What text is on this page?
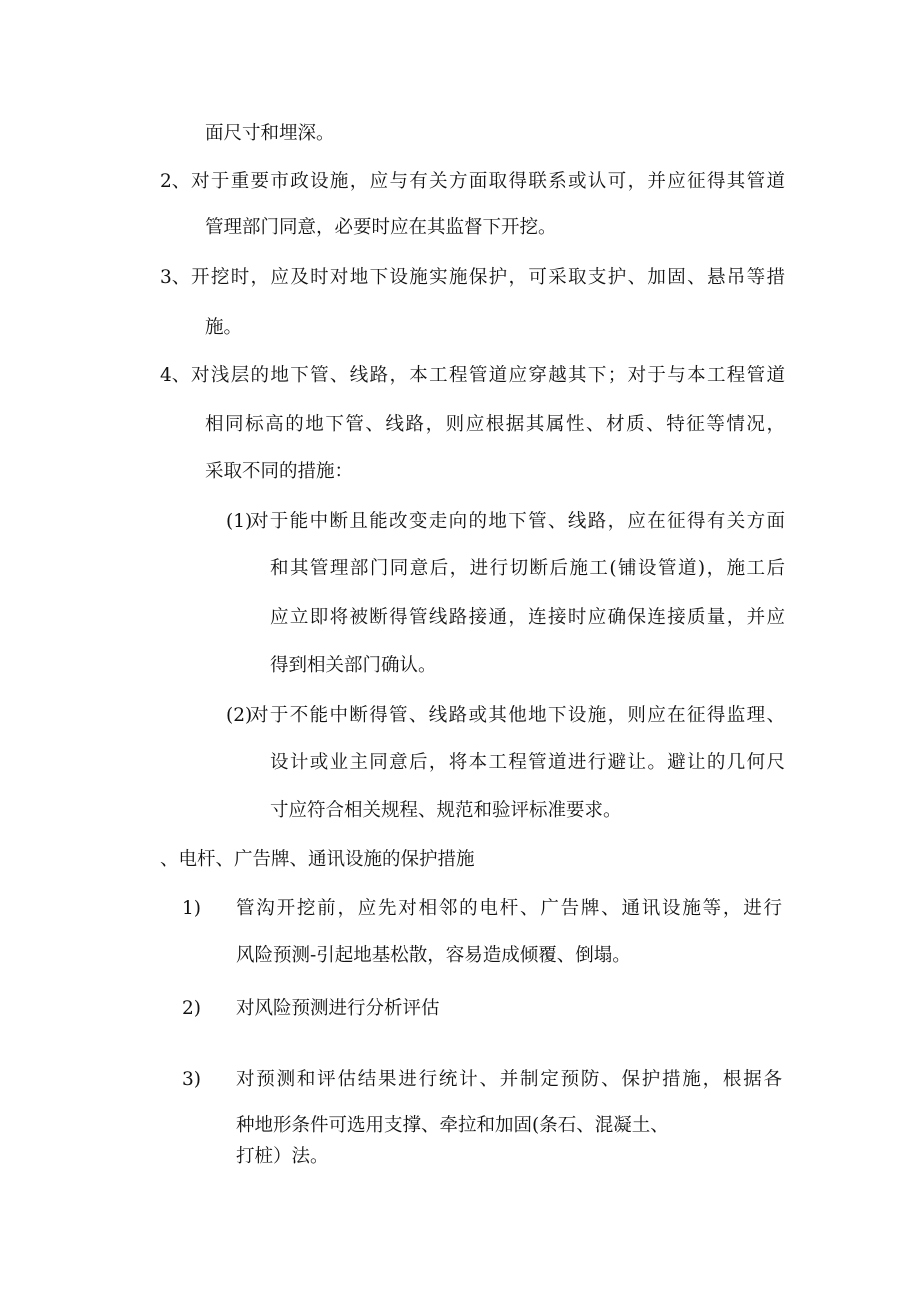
面尺寸和埋深。
2、 对于重要市政设施，应与有关方面取得联系或认可，并应征得其管道
管理部门同意，必要时应在其监督下开挖。
3、 开挖时，应及时对地下设施实施保护，可采取支护、加固、悬吊等措
施。
4、 对浅层的地下管、线路，本工程管道应穿越其下；对于与本工程管道
相同标高的地下管、线路，则应根据其属性、材质、特征等情况，
采取不同的措施：
(1)
对于能中断且能改变走向的地下管、线路，应在征得有关方面
和其管理部门同意后，进行切断后施工(铺设管道)，施工后
应立即将被断得管线路接通，连接时应确保连接质量，并应
得到相关部门确认。
(2)
对于不能中断得管、线路或其他地下设施，则应在征得监理、
设计或业主同意后，将本工程管道进行避让。避让的几何尺
寸应符合相关规程、规范和验评标准要求。
、电杆、广告牌、通讯设施的保护措施
1) 管沟开挖前，应先对相邻的电杆、广告牌、通讯设施等，进行
风险预测-引起地基松散，容易造成倾覆、倒塌。
2) 对风险预测进行分析评估
3) 对预测和评估结果进行统计、并制定预防、保护措施，根据各
种地形条件可选用支撑、牵拉和加固(条石、混凝土、
打桩）法。
